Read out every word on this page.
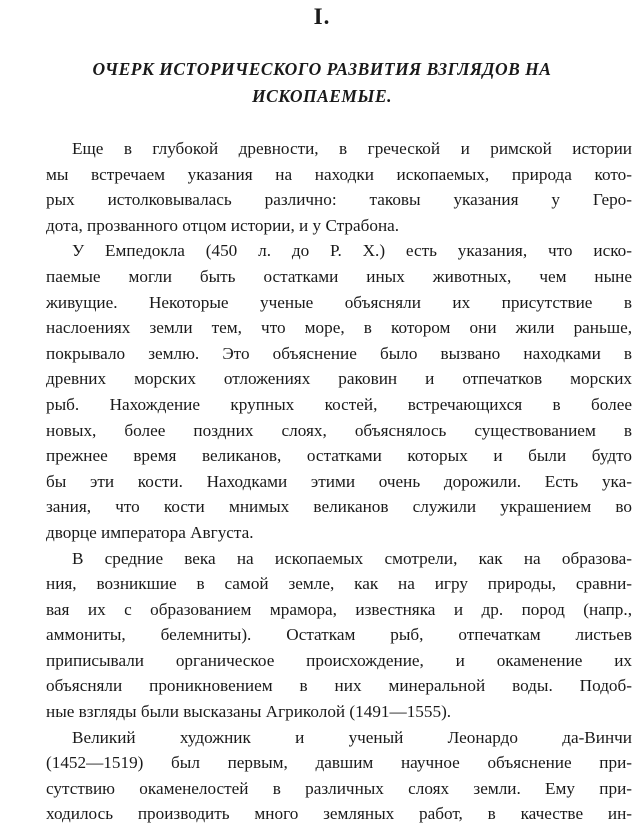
I.
ОЧЕРК ИСТОРИЧЕСКОГО РАЗВИТИЯ ВЗГЛЯДОВ НА
ИСКОПАЕМЫЕ.
Еще в глубокой древности, в греческой и римской истории
мы встречаем указания на находки ископаемых, природа кото-
рых истолковывалась различно: таковы указания у Геро-
дота, прозванного отцом истории, и у Страбона.
У Емпедокла (450 л. до Р. Х.) есть указания, что иско-
паемые могли быть остатками иных животных, чем ныне
живущие. Некоторые ученые объясняли их присутствие в
наслоениях земли тем, что море, в котором они жили раньше,
покрывало землю. Это объяснение было вызвано находками в
древних морских отложениях раковин и отпечатков морских
рыб. Нахождение крупных костей, встречающихся в более
новых, более поздних слоях, объяснялось существованием в
прежнее время великанов, остатками которых и были будто
бы эти кости. Находками этими очень дорожили. Есть ука-
зания, что кости мнимых великанов служили украшением во
дворце императора Августа.
В средние века на ископаемых смотрели, как на образова-
ния, возникшие в самой земле, как на игру природы, сравни-
вая их с образованием мрамора, известняка и др. пород (напр.,
аммониты, белемниты). Остаткам рыб, отпечаткам листьев
приписывали органическое происхождение, и окаменение их
объясняли проникновением в них минеральной воды. Подоб-
ные взгляды были высказаны Агриколой (1491—1555).
Великий художник и ученый Леонардо да-Винчи
(1452—1519) был первым, давшим научное объяснение при-
сутствию окаменелостей в различных слоях земли. Ему при-
ходилось производить много земляных работ, в качестве ин-
